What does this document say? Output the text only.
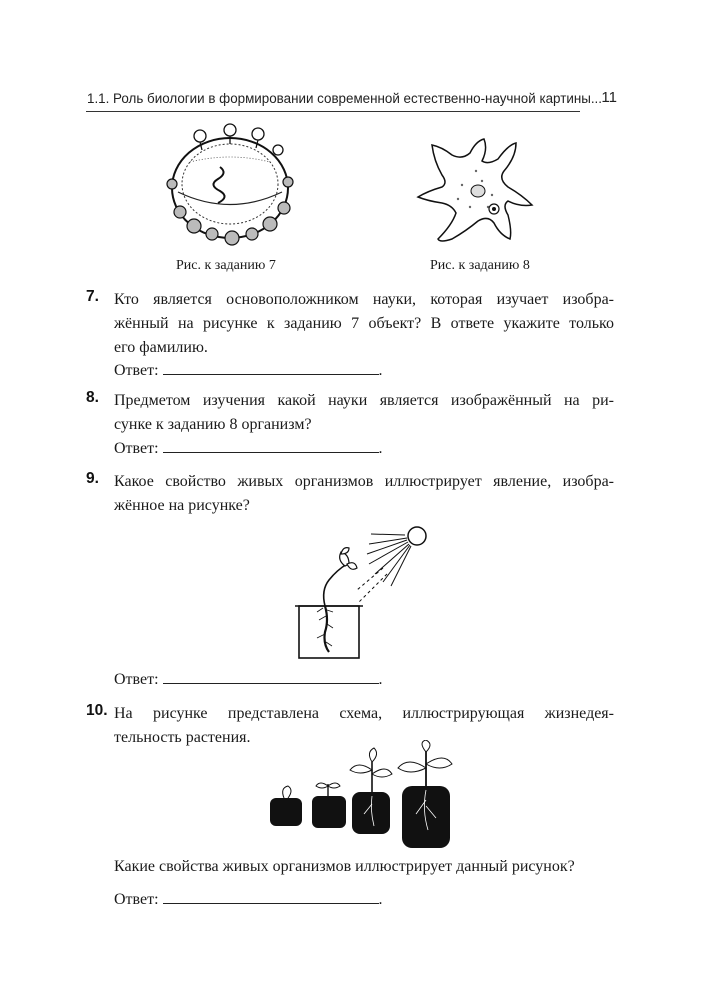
1.1. Роль биологии в формировании современной естественно-научной картины... 11
Рис. к заданию 7	Рис. к заданию 8
7. Кто является основоположником науки, которая изучает изобра-
жённый на рисунке к заданию 7 объект? В ответе укажите только
его фамилию.
Ответ:	.
8. Предметом изучения какой науки является изображённый на ри-
сунке к заданию 8 организм?
Ответ:	.
9. Какое свойство живых организмов иллюстрирует явление, изобра-
жённое на рисунке?
Ответ:	.
10. На рисунке представлена схема, иллюстрирующая жизнедея-
тельность растения.
Какие свойства живых организмов иллюстрирует данный рисунок?
Ответ:	.
